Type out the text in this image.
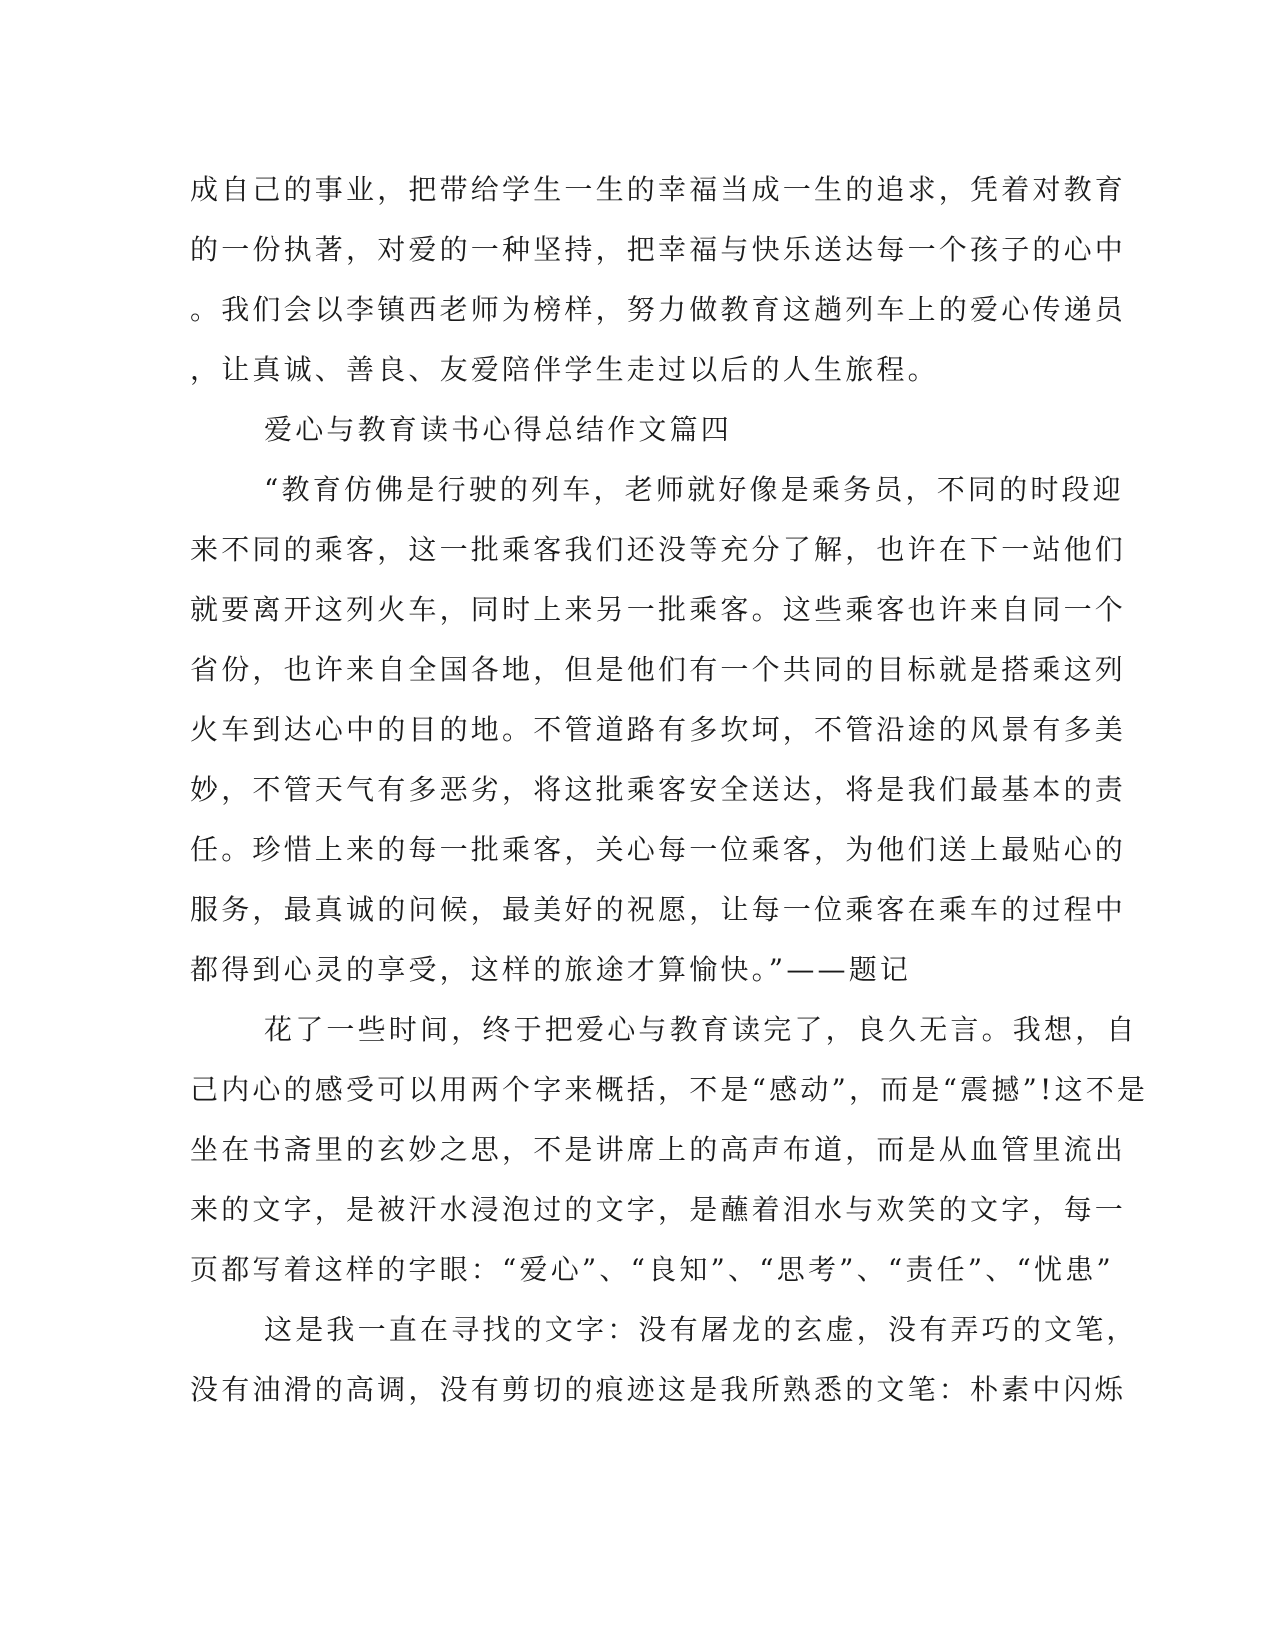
成自己的事业，把带给学生一生的幸福当成一生的追求，凭着对教育
的一份执著，对爱的一种坚持，把幸福与快乐送达每一个孩子的心中
。我们会以李镇西老师为榜样，努力做教育这趟列车上的爱心传递员
，让真诚、善良、友爱陪伴学生走过以后的人生旅程。
爱心与教育读书心得总结作文篇四
“教育仿佛是行驶的列车，老师就好像是乘务员，不同的时段迎
来不同的乘客，这一批乘客我们还没等充分了解，也许在下一站他们
就要离开这列火车，同时上来另一批乘客。这些乘客也许来自同一个
省份，也许来自全国各地，但是他们有一个共同的目标就是搭乘这列
火车到达心中的目的地。不管道路有多坎坷，不管沿途的风景有多美
妙，不管天气有多恶劣，将这批乘客安全送达，将是我们最基本的责
任。珍惜上来的每一批乘客，关心每一位乘客，为他们送上最贴心的
服务，最真诚的问候，最美好的祝愿，让每一位乘客在乘车的过程中
都得到心灵的享受，这样的旅途才算愉快。”——题记
花了一些时间，终于把爱心与教育读完了，良久无言。我想，自
己内心的感受可以用两个字来概括，不是“感动”，而是“震撼”!这不是
坐在书斋里的玄妙之思，不是讲席上的高声布道，而是从血管里流出
来的文字，是被汗水浸泡过的文字，是蘸着泪水与欢笑的文字，每一
页都写着这样的字眼：“爱心”、“良知”、“思考”、“责任”、“忧患”
这是我一直在寻找的文字：没有屠龙的玄虚，没有弄巧的文笔，
没有油滑的高调，没有剪切的痕迹这是我所熟悉的文笔：朴素中闪烁
